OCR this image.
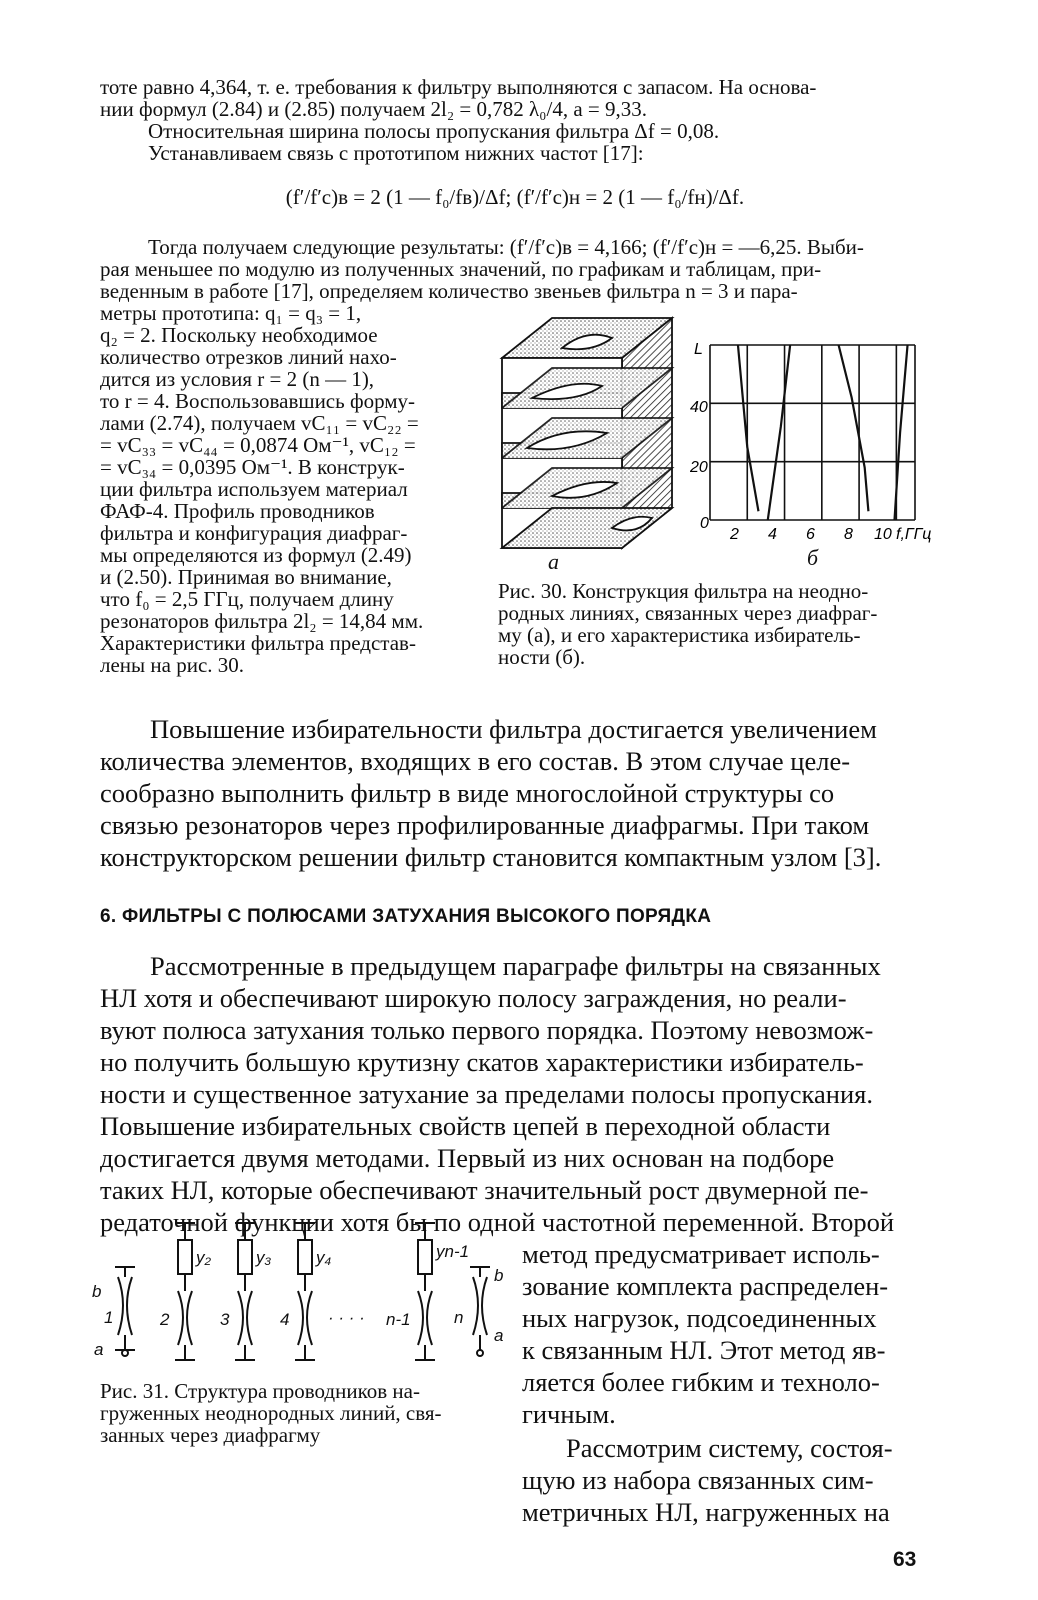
тоте равно 4,364, т. е. требования к фильтру выполняются с запасом. На основа-
нии формул (2.84) и (2.85) получаем 2l₂ = 0,782 λ₀/4, a = 9,33.
Относительная ширина полосы пропускания фильтра Δf = 0,08.
Устанавливаем связь с прототипом нижних частот [17]:
(f′/f′c)в = 2 (1 — f₀/fв)/Δf; (f′/f′c)н = 2 (1 — f₀/fн)/Δf.
Тогда получаем следующие результаты: (f′/f′c)в = 4,166; (f′/f′c)н = —6,25. Выби-
рая меньшее по модулю из полученных значений, по графикам и таблицам, при-
веденным в работе [17], определяем количество звеньев фильтра n = 3 и пара-
метры прототипа: q₁ = q₃ = 1,
q₂ = 2. Поскольку необходимое
количество отрезков линий нахо-
дится из условия r = 2 (n — 1),
то r = 4. Воспользовавшись форму-
лами (2.74), получаем vC₁₁ = vC₂₂ =
= vC₃₃ = vC₄₄ = 0,0874 Ом⁻¹, vC₁₂ =
= vC₃₄ = 0,0395 Ом⁻¹. В конструк-
ции фильтра используем материал
ФАФ-4. Профиль проводников
фильтра и конфигурация диафраг-
мы определяются из формул (2.49)
и (2.50). Принимая во внимание,
что f₀ = 2,5 ГГц, получаем длину
резонаторов фильтра 2l₂ = 14,84 мм.
Характеристики фильтра представ-
лены на рис. 30.
а
L
40
20
0
2 4 6 8 10 f,ГГц
б
Рис. 30. Конструкция фильтра на неодно-
родных линиях, связанных через диафраг-
му (а), и его характеристика избиратель-
ности (б).
Повышение избирательности фильтра достигается увеличением
количества элементов, входящих в его состав. В этом случае целе-
сообразно выполнить фильтр в виде многослойной структуры со
связью резонаторов через профилированные диафрагмы. При таком
конструкторском решении фильтр становится компактным узлом [3].
6. ФИЛЬТРЫ С ПОЛЮСАМИ ЗАТУХАНИЯ ВЫСОКОГО ПОРЯДКА
Рассмотренные в предыдущем параграфе фильтры на связанных
НЛ хотя и обеспечивают широкую полосу заграждения, но реали-
вуют полюса затухания только первого порядка. Поэтому невозмож-
но получить большую крутизну скатов характеристики избиратель-
ности и существенное затухание за пределами полосы пропускания.
Повышение избирательных свойств цепей в переходной области
достигается двумя методами. Первый из них основан на подборе
таких НЛ, которые обеспечивают значительный рост двумерной пе-
редаточной функции хотя бы по одной частотной переменной. Второй
метод предусматривает исполь-
зование комплекта распределен-
ных нагрузок, подсоединенных
к связанным НЛ. Этот метод яв-
ляется более гибким и техноло-
гичным.
Рассмотрим систему, состоя-
щую из набора связанных сим-
метричных НЛ, нагруженных на
b
a
1	2	3	4 · · · · n-1	n
y₂	y₃	y₄	yn-1
b
a
Рис. 31. Структура проводников на-
груженных неоднородных линий, свя-
занных через диафрагму
63
